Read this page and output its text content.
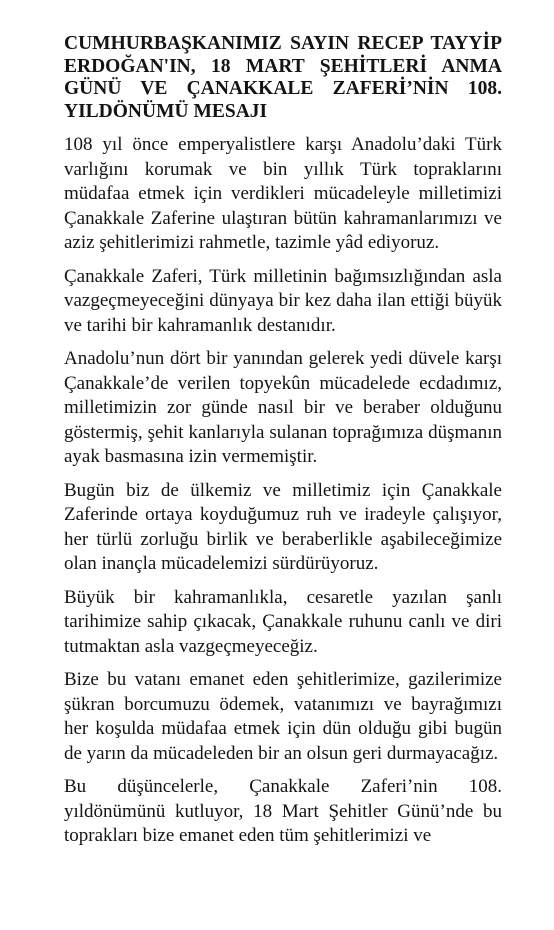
CUMHURBAŞKANIMIZ SAYIN RECEP TAYYİP ERDOĞAN'IN, 18 MART ŞEHİTLERİ ANMA GÜNÜ VE ÇANAKKALE ZAFERİ’NİN 108. YILDÖNÜMÜ MESAJI

108 yıl önce emperyalistlere karşı Anadolu’daki Türk varlığını korumak ve bin yıllık Türk topraklarını müdafaa etmek için verdikleri mücadeleyle milletimizi Çanakkale Zaferine ulaştıran bütün kahramanlarımızı ve aziz şehitlerimizi rahmetle, tazimle yâd ediyoruz.

Çanakkale Zaferi, Türk milletinin bağımsızlığından asla vazgeçmeyeceğini dünyaya bir kez daha ilan ettiği büyük ve tarihi bir kahramanlık destanıdır.

Anadolu’nun dört bir yanından gelerek yedi düvele karşı Çanakkale’de verilen topyekûn mücadelede ecdadımız, milletimizin zor günde nasıl bir ve beraber olduğunu göstermiş, şehit kanlarıyla sulanan toprağımıza düşmanın ayak basmasına izin vermemiştir.

Bugün biz de ülkemiz ve milletimiz için Çanakkale Zaferinde ortaya koyduğumuz ruh ve iradeyle çalışıyor, her türlü zorluğu birlik ve beraberlikle aşabileceğimize olan inançla mücadelemizi sürdürüyoruz.

Büyük bir kahramanlıkla, cesaretle yazılan şanlı tarihimize sahip çıkacak, Çanakkale ruhunu canlı ve diri tutmaktan asla vazgeçmeyeceğiz.

Bize bu vatanı emanet eden şehitlerimize, gazilerimize şükran borcumuzu ödemek, vatanımızı ve bayrağımızı her koşulda müdafaa etmek için dün olduğu gibi bugün de yarın da mücadeleden bir an olsun geri durmayacağız.

Bu düşüncelerle, Çanakkale Zaferi’nin 108. yıldönümünü kutluyor, 18 Mart Şehitler Günü’nde bu toprakları bize emanet eden tüm şehitlerimizi ve
